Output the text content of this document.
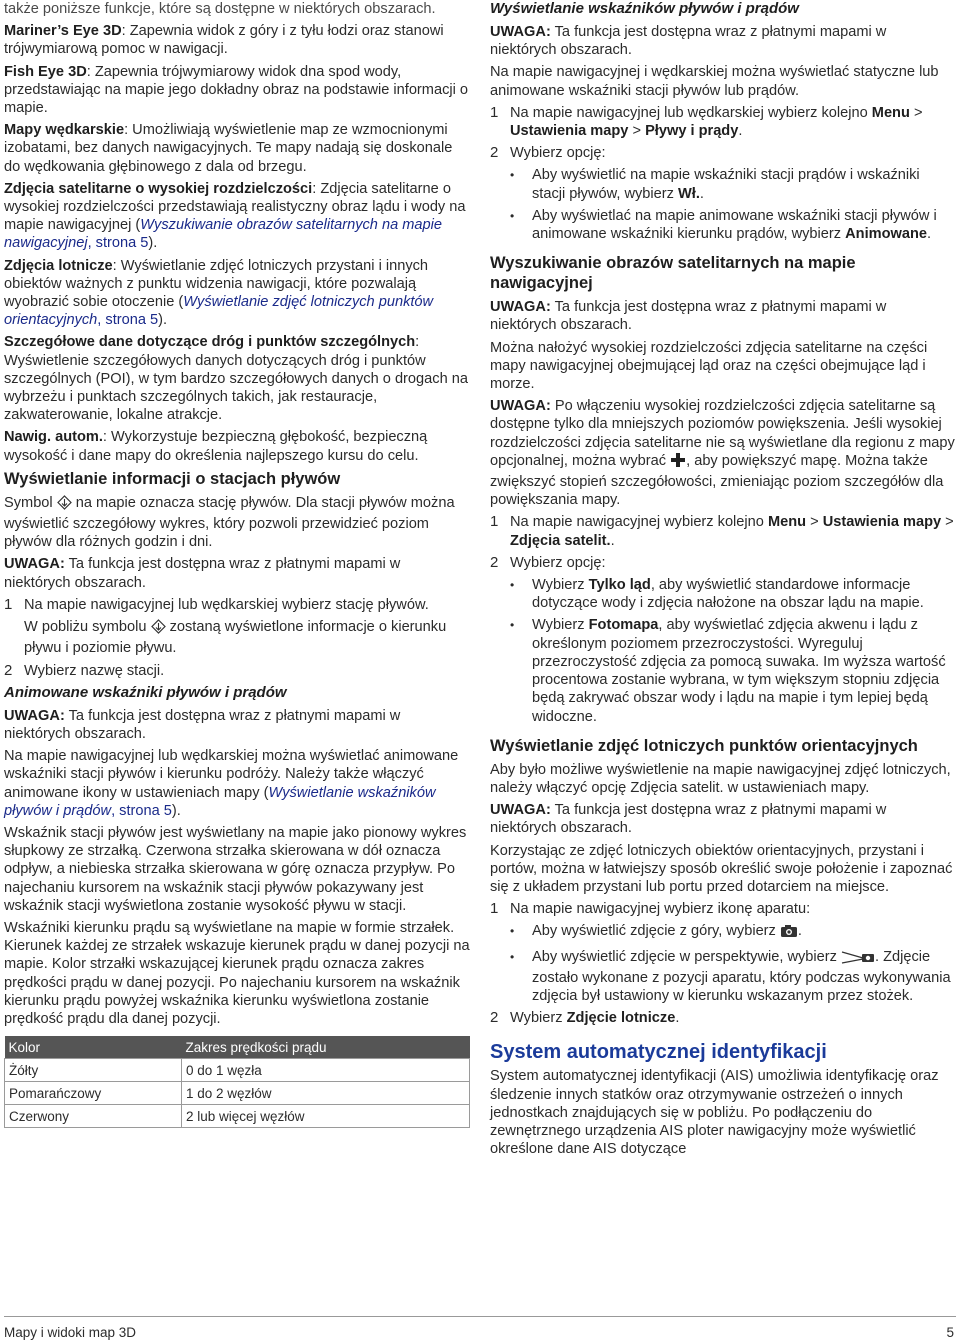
także poniższe funkcje, które są dostępne w niektórych obszarach.

Mariner’s Eye 3D: Zapewnia widok z góry i z tyłu łodzi oraz stanowi trójwymiarową pomoc w nawigacji.

Fish Eye 3D: Zapewnia trójwymiarowy widok dna spod wody, przedstawiając na mapie jego dokładny obraz na podstawie informacji o mapie.

Mapy wędkarskie: Umożliwiają wyświetlenie map ze wzmocnionymi izobatami, bez danych nawigacyjnych. Te mapy nadają się doskonale do wędkowania głębinowego z dala od brzegu.

Zdjęcia satelitarne o wysokiej rozdzielczości: Zdjęcia satelitarne o wysokiej rozdzielczości przedstawiają realistyczny obraz lądu i wody na mapie nawigacyjnej (Wyszukiwanie obrazów satelitarnych na mapie nawigacyjnej, strona 5).

Zdjęcia lotnicze: Wyświetlanie zdjęć lotniczych przystani i innych obiektów ważnych z punktu widzenia nawigacji, które pozwalają wyobrazić sobie otoczenie (Wyświetlanie zdjęć lotniczych punktów orientacyjnych, strona 5).

Szczegółowe dane dotyczące dróg i punktów szczególnych: Wyświetlenie szczegółowych danych dotyczących dróg i punktów szczególnych (POI), w tym bardzo szczegółowych danych o drogach na wybrzeżu i punktach szczególnych takich, jak restauracje, zakwaterowanie, lokalne atrakcje.

Nawig. autom.: Wykorzystuje bezpieczną głębokość, bezpieczną wysokość i dane mapy do określenia najlepszego kursu do celu.

Wyświetlanie informacji o stacjach pływów

Symbol  na mapie oznacza stację pływów. Dla stacji pływów można wyświetlić szczegółowy wykres, który pozwoli przewidzieć poziom pływów dla różnych godzin i dni.

UWAGA: Ta funkcja jest dostępna wraz z płatnymi mapami w niektórych obszarach.

1 Na mapie nawigacyjnej lub wędkarskiej wybierz stację pływów.
W pobliżu symbolu  zostaną wyświetlone informacje o kierunku pływu i poziomie pływu.
2 Wybierz nazwę stacji.
Animowane wskaźniki pływów i prądów

UWAGA: Ta funkcja jest dostępna wraz z płatnymi mapami w niektórych obszarach.

Na mapie nawigacyjnej lub wędkarskiej można wyświetlać animowane wskaźniki stacji pływów i kierunku podróży. Należy także włączyć animowane ikony w ustawieniach mapy (Wyświetlanie wskaźników pływów i prądów, strona 5).

Wskaźnik stacji pływów jest wyświetlany na mapie jako pionowy wykres słupkowy ze strzałką. Czerwona strzałka skierowana w dół oznacza odpływ, a niebieska strzałka skierowana w górę oznacza przypływ. Po najechaniu kursorem na wskaźnik stacji pływów pokazywany jest wskaźnik stacji wyświetlona zostanie wysokość pływu w stacji.

Wskaźniki kierunku prądu są wyświetlane na mapie w formie strzałek. Kierunek każdej ze strzałek wskazuje kierunek prądu w danej pozycji na mapie. Kolor strzałki wskazującej kierunek prądu oznacza zakres prędkości prądu w danej pozycji. Po najechaniu kursorem na wskaźnik kierunku prądu powyżej wskaźnika kierunku wyświetlona zostanie prędkość prądu dla danej pozycji.

Kolor	Zakres prędkości prądu
Żółty	0 do 1 węzła
Pomarańczowy	1 do 2 węzłów
Czerwony	2 lub więcej węzłów
Wyświetlanie wskaźników pływów i prądów

UWAGA: Ta funkcja jest dostępna wraz z płatnymi mapami w niektórych obszarach.

Na mapie nawigacyjnej i wędkarskiej można wyświetlać statyczne lub animowane wskaźniki stacji pływów lub prądów.

1 Na mapie nawigacyjnej lub wędkarskiej wybierz kolejno Menu > Ustawienia mapy > Pływy i prądy.
2 Wybierz opcję:
• Aby wyświetlić na mapie wskaźniki stacji prądów i wskaźniki stacji pływów, wybierz Wł..
• Aby wyświetlać na mapie animowane wskaźniki stacji pływów i animowane wskaźniki kierunku prądów, wybierz Animowane.
Wyszukiwanie obrazów satelitarnych na mapie nawigacyjnej

UWAGA: Ta funkcja jest dostępna wraz z płatnymi mapami w niektórych obszarach.

Można nałożyć wysokiej rozdzielczości zdjęcia satelitarne na części mapy nawigacyjnej obejmującej ląd oraz na części obejmujące ląd i morze.

UWAGA: Po włączeniu wysokiej rozdzielczości zdjęcia satelitarne są dostępne tylko dla mniejszych poziomów powiększenia. Jeśli wysokiej rozdzielczości zdjęcia satelitarne nie są wyświetlane dla regionu z mapy opcjonalnej, można wybrać , aby powiększyć mapę. Można także zwiększyć stopień szczegółowości, zmieniając poziom szczegółów dla powiększania mapy.

1 Na mapie nawigacyjnej wybierz kolejno Menu > Ustawienia mapy > Zdjęcia satelit..
2 Wybierz opcję:
• Wybierz Tylko ląd, aby wyświetlić standardowe informacje dotyczące wody i zdjęcia nałożone na obszar lądu na mapie.
• Wybierz Fotomapa, aby wyświetlać zdjęcia akwenu i lądu z określonym poziomem przezroczystości. Wyreguluj przezroczystość zdjęcia za pomocą suwaka. Im wyższa wartość procentowa zostanie wybrana, w tym większym stopniu zdjęcia będą zakrywać obszar wody i lądu na mapie i tym lepiej będą widoczne.
Wyświetlanie zdjęć lotniczych punktów orientacyjnych

Aby było możliwe wyświetlenie na mapie nawigacyjnej zdjęć lotniczych, należy włączyć opcję Zdjęcia satelit. w ustawieniach mapy.

UWAGA: Ta funkcja jest dostępna wraz z płatnymi mapami w niektórych obszarach.

Korzystając ze zdjęć lotniczych obiektów orientacyjnych, przystani i portów, można w łatwiejszy sposób określić swoje położenie i zapoznać się z układem przystani lub portu przed dotarciem na miejsce.

1 Na mapie nawigacyjnej wybierz ikonę aparatu:
• Aby wyświetlić zdjęcie z góry, wybierz .
• Aby wyświetlić zdjęcie w perspektywie, wybierz . Zdjęcie zostało wykonane z pozycji aparatu, który podczas wykonywania zdjęcia był ustawiony w kierunku wskazanym przez stożek.
2 Wybierz Zdjęcie lotnicze.
System automatycznej identyfikacji

System automatycznej identyfikacji (AIS) umożliwia identyfikację oraz śledzenie innych statków oraz otrzymywanie ostrzeżeń o innych jednostkach znajdujących się w pobliżu. Po podłączeniu do zewnętrznego urządzenia AIS ploter nawigacyjny może wyświetlić określone dane AIS dotyczące

Mapy i widoki map 3D	5
